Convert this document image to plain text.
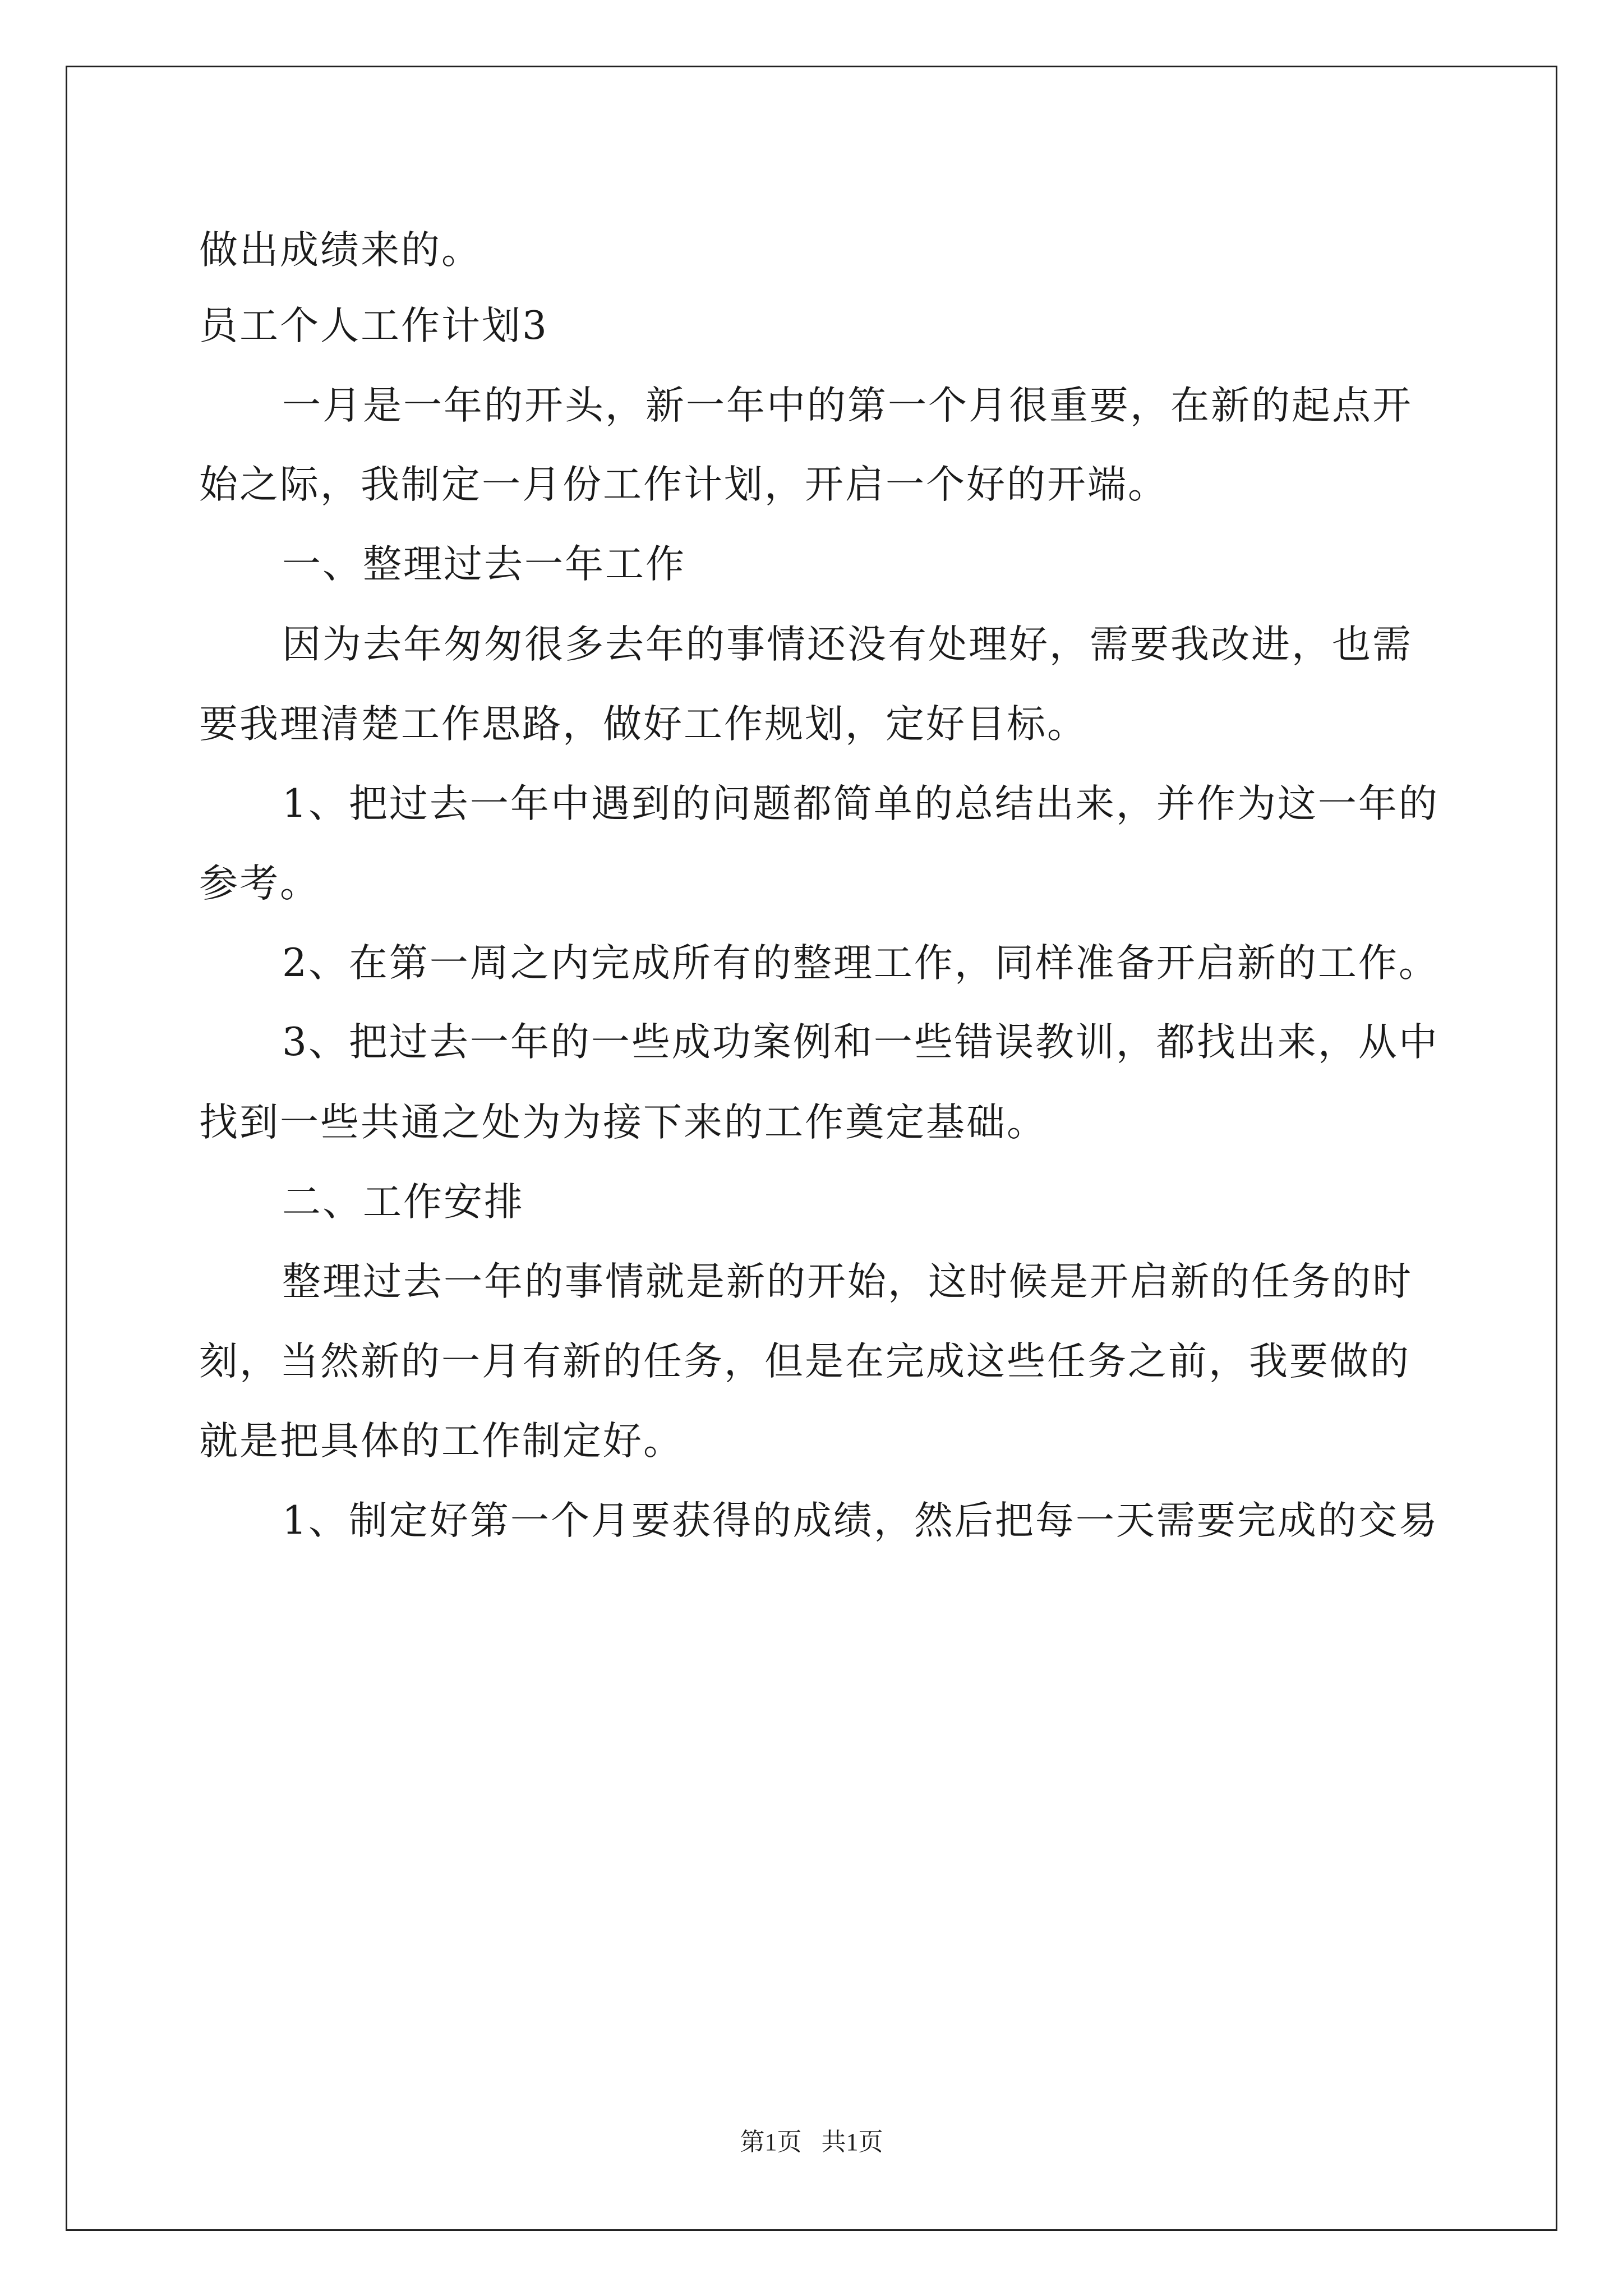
做出成绩来的。
员工个人工作计划3
一月是一年的开头，新一年中的第一个月很重要，在新的起点开
始之际，我制定一月份工作计划，开启一个好的开端。
一、整理过去一年工作
因为去年匆匆很多去年的事情还没有处理好，需要我改进，也需
要我理清楚工作思路，做好工作规划，定好目标。
1、把过去一年中遇到的问题都简单的总结出来，并作为这一年的
参考。
2、在第一周之内完成所有的整理工作，同样准备开启新的工作。
3、把过去一年的一些成功案例和一些错误教训，都找出来，从中
找到一些共通之处为为接下来的工作奠定基础。
二、工作安排
整理过去一年的事情就是新的开始，这时候是开启新的任务的时
刻，当然新的一月有新的任务，但是在完成这些任务之前，我要做的
就是把具体的工作制定好。
1、制定好第一个月要获得的成绩，然后把每一天需要完成的交易
第1页 共1页
